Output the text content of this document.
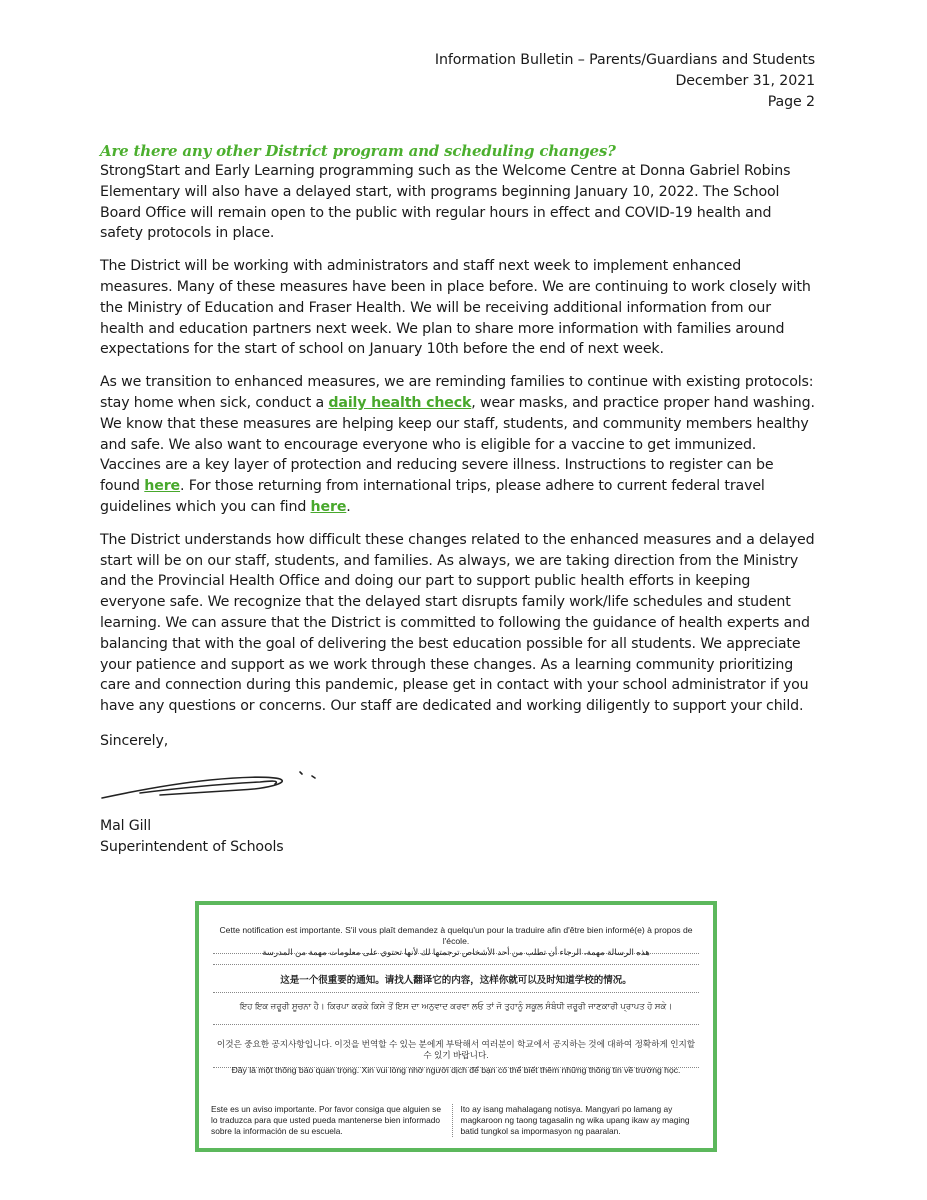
Information Bulletin – Parents/Guardians and Students
December 31, 2021
Page 2
Are there any other District program and scheduling changes?

StrongStart and Early Learning programming such as the Welcome Centre at Donna Gabriel Robins Elementary will also have a delayed start, with programs beginning January 10, 2022. The School Board Office will remain open to the public with regular hours in effect and COVID-19 health and safety protocols in place.

The District will be working with administrators and staff next week to implement enhanced measures. Many of these measures have been in place before. We are continuing to work closely with the Ministry of Education and Fraser Health. We will be receiving additional information from our health and education partners next week. We plan to share more information with families around expectations for the start of school on January 10th before the end of next week.

As we transition to enhanced measures, we are reminding families to continue with existing protocols: stay home when sick, conduct a daily health check, wear masks, and practice proper hand washing. We know that these measures are helping keep our staff, students, and community members healthy and safe. We also want to encourage everyone who is eligible for a vaccine to get immunized. Vaccines are a key layer of protection and reducing severe illness. Instructions to register can be found here. For those returning from international trips, please adhere to current federal travel guidelines which you can find here.

The District understands how difficult these changes related to the enhanced measures and a delayed start will be on our staff, students, and families. As always, we are taking direction from the Ministry and the Provincial Health Office and doing our part to support public health efforts in keeping everyone safe. We recognize that the delayed start disrupts family work/life schedules and student learning. We can assure that the District is committed to following the guidance of health experts and balancing that with the goal of delivering the best education possible for all students. We appreciate your patience and support as we work through these changes. As a learning community prioritizing care and connection during this pandemic, please get in contact with your school administrator if you have any questions or concerns. Our staff are dedicated and working diligently to support your child.

Sincerely,
Mal Gill
Superintendent of Schools
Cette notification est importante. S'il vous plaît demandez à quelqu'un pour la traduire afin d'être bien informé(e) à propos de l'école.
هذه الرسالة مهمة، الرجاء أن تطلب من أحد الأشخاص ترجمتها لك لأنها تحتوي على معلومات مهمة من المدرسة
这是一个很重要的通知。请找人翻译它的内容，这样你就可以及时知道学校的情况。
ਇਹ ਇਕ ਜ਼ਰੂਰੀ ਸੂਚਨਾ ਹੈ। ਕਿਰਪਾ ਕਰਕੇ ਕਿਸੇ ਤੋਂ ਇਸ ਦਾ ਅਨੁਵਾਦ ਕਰਵਾ ਲਓ ਤਾਂ ਜੋ ਤੁਹਾਨੂੰ ਸਕੂਲ ਸੰਬੰਧੀ ਜ਼ਰੂਰੀ ਜਾਣਕਾਰੀ ਪ੍ਰਾਪਤ ਹੋ ਸਕੇ।
이것은 중요한 공지사항입니다. 이것을 번역할 수 있는 분에게 부탁해서 여러분이 학교에서 공지하는 것에 대하여 정확하게 인지할 수 있기 바랍니다.
Đây là một thông báo quan trọng. Xin vui lòng nhờ người dịch để bạn có thể biết thêm những thông tin về trường học.
Este es un aviso importante. Por favor consiga que alguien se lo traduzca para que usted pueda mantenerse bien informado sobre la información de su escuela.
Ito ay isang mahalagang notisya. Mangyari po lamang ay magkaroon ng taong tagasalin ng wika upang ikaw ay maging batid tungkol sa impormasyon ng paaralan.
